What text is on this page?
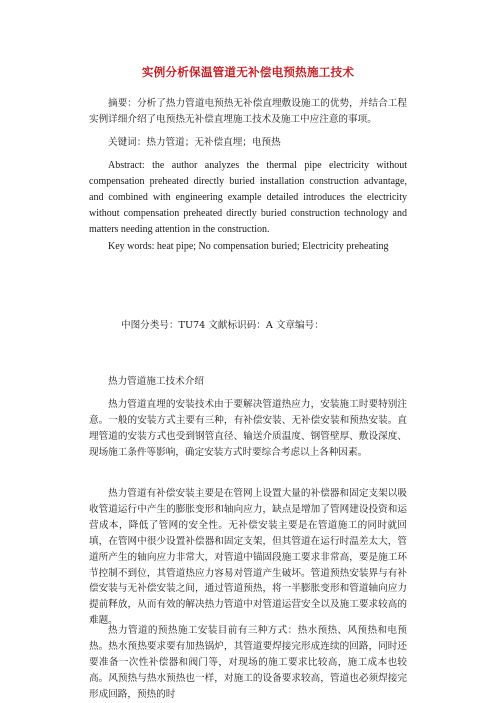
实例分析保温管道无补偿电预热施工技术

摘要：分析了热力管道电预热无补偿直埋敷设施工的优势，并结合工程实例详细介绍了电预热无补偿直埋施工技术及施工中应注意的事项。

关键词：热力管道；无补偿直埋；电预热

Abstract: the author analyzes the thermal pipe electricity without compensation preheated directly buried installation construction advantage, and combined with engineering example detailed introduces the electricity without compensation preheated directly buried construction technology and matters needing attention in the construction.

Key words: heat pipe; No compensation buried; Electricity preheating

中图分类号：TU74 文献标识码：A 文章编号：

热力管道施工技术介绍

热力管道直埋的安装技术由于要解决管道热应力，安装施工时要特别注意。一般的安装方式主要有三种，有补偿安装、无补偿安装和预热安装。直埋管道的安装方式也受到钢管直径、输送介质温度、钢管壁厚、敷设深度、现场施工条件等影响，确定安装方式时要综合考虑以上各种因素。

热力管道有补偿安装主要是在管网上设置大量的补偿器和固定支架以吸收管道运行中产生的膨胀变形和轴向应力，缺点是增加了管网建设投资和运营成本，降低了管网的安全性。无补偿安装主要是在管道施工的同时就回填，在管网中很少设置补偿器和固定支架，但其管道在运行时温差太大，管道所产生的轴向应力非常大，对管道中锚固段施工要求非常高，要是施工环节控制不到位，其管道热应力容易对管道产生破坏。管道预热安装界与有补偿安装与无补偿安装之间，通过管道预热，将一半膨胀变形和管道轴向应力提前释放，从而有效的解决热力管道中对管道运营安全以及施工要求较高的难题。

热力管道的预热施工安装目前有三种方式：热水预热、风预热和电预热。热水预热要求要有加热锅炉，其管道要焊接完形成连续的回路，同时还要准备一次性补偿器和阀门等，对现场的施工要求比较高，施工成本也较高。风预热与热水预热也一样，对施工的设备要求较高，管道也必须焊接完形成回路，预热的时
